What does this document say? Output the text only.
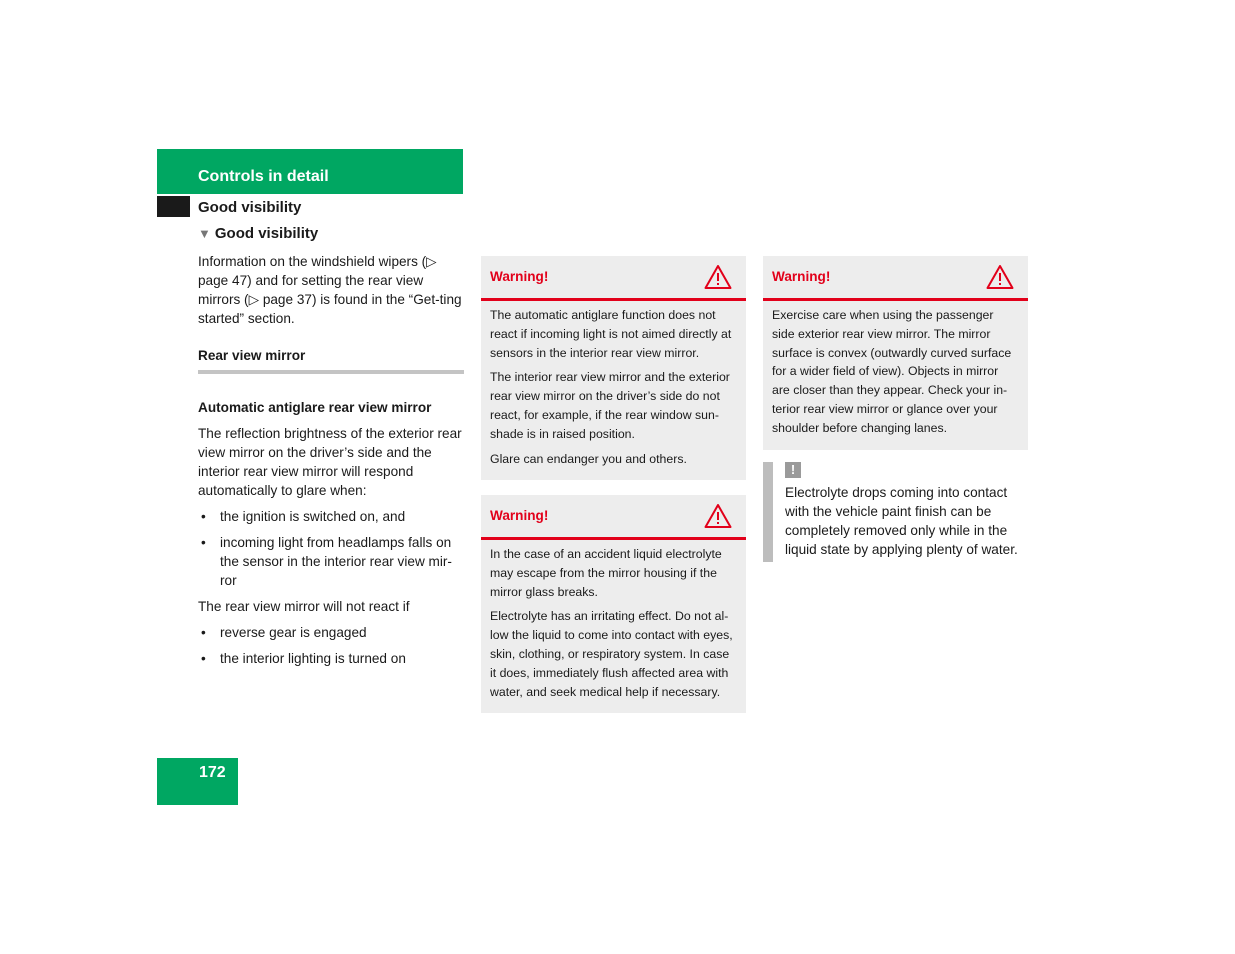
Controls in detail
Good visibility
▼ Good visibility

Information on the windshield wipers (▷ page 47) and for setting the rear view mirrors (▷ page 37) is found in the “Get-ting started” section.

Rear view mirror

Automatic antiglare rear view mirror

The reflection brightness of the exterior rear view mirror on the driver’s side and the interior rear view mirror will respond automatically to glare when:

• the ignition is switched on, and
• incoming light from headlamps falls on the sensor in the interior rear view mir-ror

The rear view mirror will not react if

• reverse gear is engaged
• the interior lighting is turned on
Warning!

The automatic antiglare function does not react if incoming light is not aimed directly at sensors in the interior rear view mirror.

The interior rear view mirror and the exterior rear view mirror on the driver’s side do not react, for example, if the rear window sun-shade is in raised position.

Glare can endanger you and others.

Warning!

In the case of an accident liquid electrolyte may escape from the mirror housing if the mirror glass breaks.

Electrolyte has an irritating effect. Do not al-low the liquid to come into contact with eyes, skin, clothing, or respiratory system. In case it does, immediately flush affected area with water, and seek medical help if necessary.

Warning!

Exercise care when using the passenger side exterior rear view mirror. The mirror surface is convex (outwardly curved surface for a wider field of view). Objects in mirror are closer than they appear. Check your in-terior rear view mirror or glance over your shoulder before changing lanes.

!
Electrolyte drops coming into contact with the vehicle paint finish can be completely removed only while in the liquid state by applying plenty of water.
172
